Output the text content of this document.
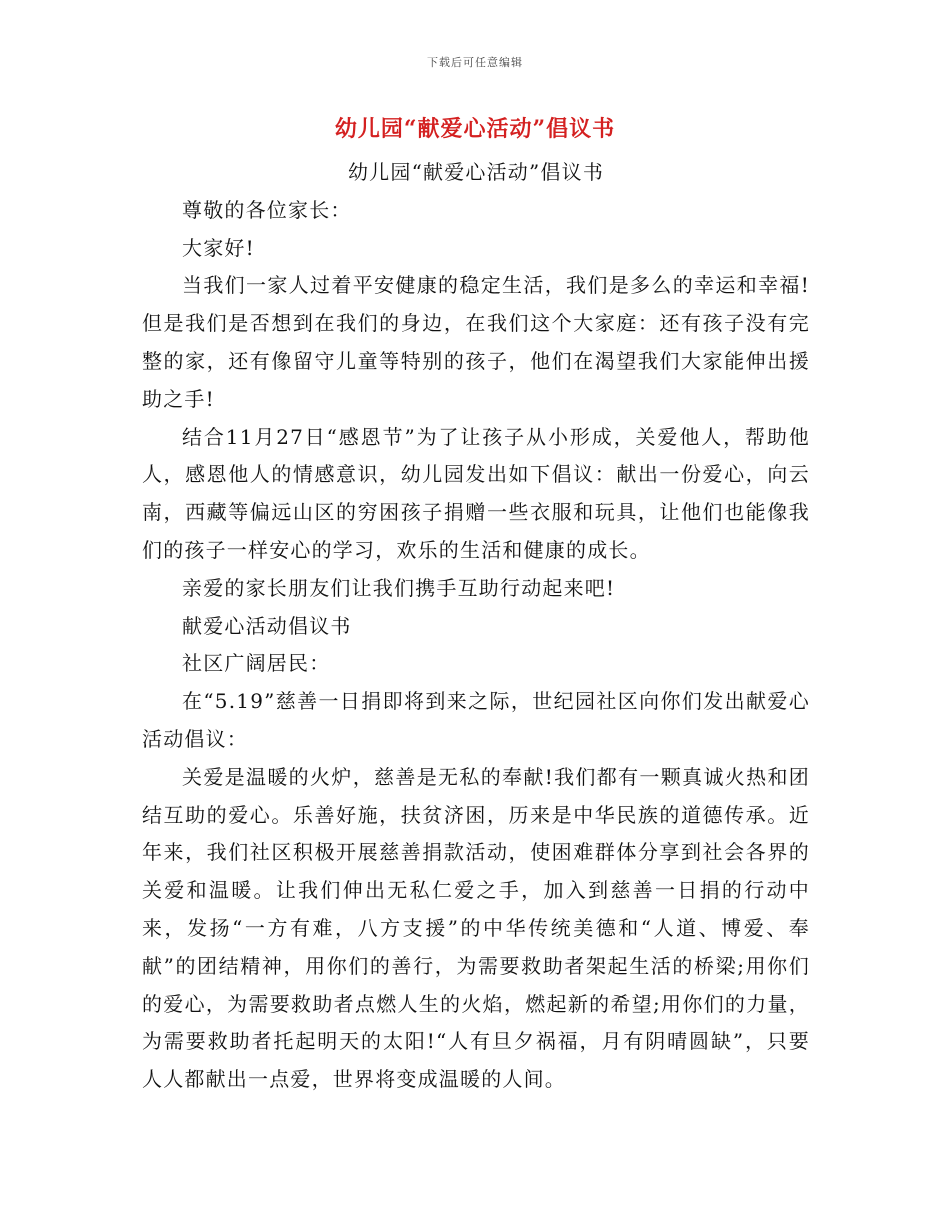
下载后可任意编辑
幼儿园“献爱心活动”倡议书

幼儿园“献爱心活动”倡议书

尊敬的各位家长：

大家好!

当我们一家人过着平安健康的稳定生活，我们是多么的幸运和幸福!但是我们是否想到在我们的身边，在我们这个大家庭：还有孩子没有完整的家，还有像留守儿童等特别的孩子，他们在渴望我们大家能伸出援助之手!

结合11月27日“感恩节”为了让孩子从小形成，关爱他人，帮助他人，感恩他人的情感意识，幼儿园发出如下倡议：献出一份爱心，向云南，西藏等偏远山区的穷困孩子捐赠一些衣服和玩具，让他们也能像我们的孩子一样安心的学习，欢乐的生活和健康的成长。

亲爱的家长朋友们让我们携手互助行动起来吧!

献爱心活动倡议书

社区广阔居民：

在“5.19”慈善一日捐即将到来之际，世纪园社区向你们发出献爱心活动倡议：

关爱是温暖的火炉，慈善是无私的奉献!我们都有一颗真诚火热和团结互助的爱心。乐善好施，扶贫济困，历来是中华民族的道德传承。近年来，我们社区积极开展慈善捐款活动，使困难群体分享到社会各界的关爱和温暖。让我们伸出无私仁爱之手，加入到慈善一日捐的行动中来，发扬“一方有难，八方支援”的中华传统美德和“人道、博爱、奉献”的团结精神，用你们的善行，为需要救助者架起生活的桥梁;用你们的爱心，为需要救助者点燃人生的火焰，燃起新的希望;用你们的力量，为需要救助者托起明天的太阳!“人有旦夕祸福，月有阴晴圆缺”，只要人人都献出一点爱，世界将变成温暖的人间。
